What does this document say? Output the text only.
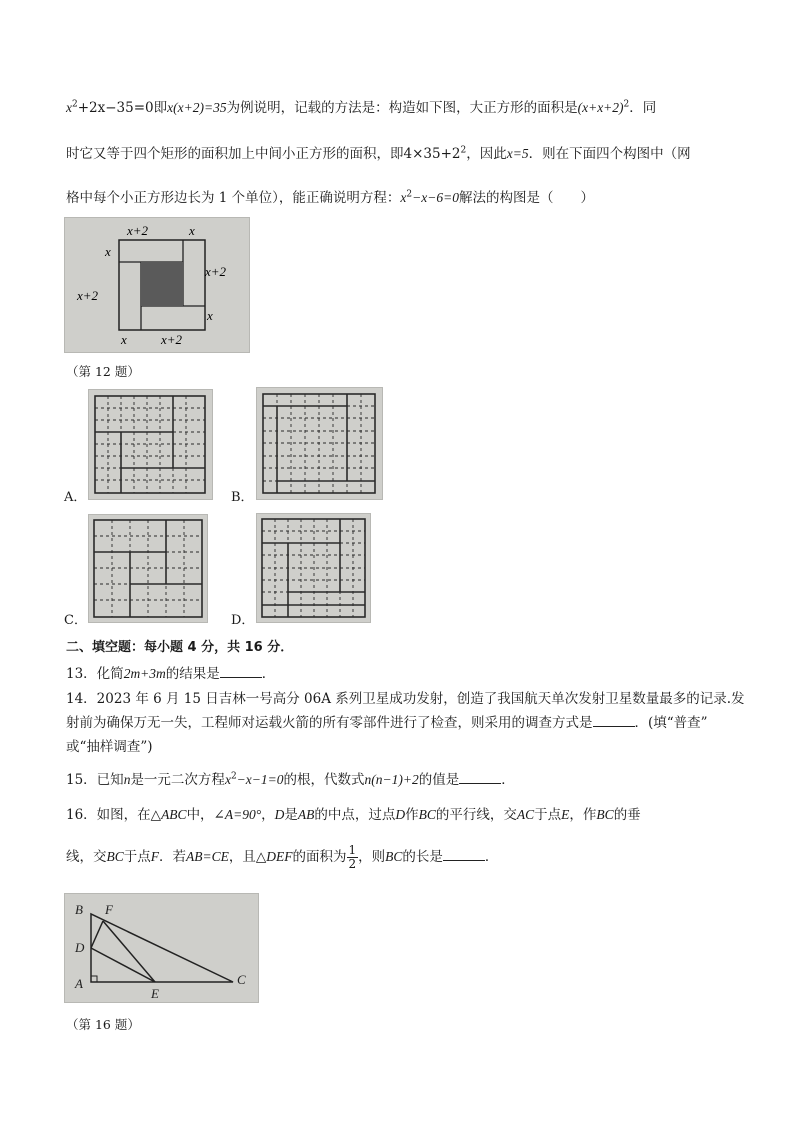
$x^2+2x-35=0$即x(x+2)=35为例说明，记载的方法是：构造如下图，大正方形的面积是$(x+x+2)^2$．同
时它又等于四个矩形的面积加上中间小正方形的面积，即$4\times 35+2^2$，因此x=5．则在下面四个构图中（网
格中每个小正方形边长为 1 个单位），能正确说明方程：$x^2-x-6=0$解法的构图是（　　）
x+2	x
x
x+2
x+2
x
x	x+2
（第 12 题）
A．	B．
C．	D．
二、填空题：每小题 4 分，共 16 分．
13．化简2m+3m的结果是	．
14．2023 年 6 月 15 日吉林一号高分 06A 系列卫星成功发射，创造了我国航天单次发射卫星数量最多的记录.发
射前为确保万无一失，工程师对运载火箭的所有零部件进行了检查，则采用的调查方式是	．(填“普查”
或“抽样调查”)
15．已知n是一元二次方程$x^2-x-1=0$的根，代数式n(n−1)+2的值是	．
16．如图，在△ABC中，∠A=90°，D是AB的中点，过点D作BC的平行线，交AC于点E，作BC的垂
线，交BC于点F．若AB=CE，且△DEF的面积为 $\frac{1}{2}$ ，则BC的长是	．
B F
D
A
E
C
（第 16 题）
